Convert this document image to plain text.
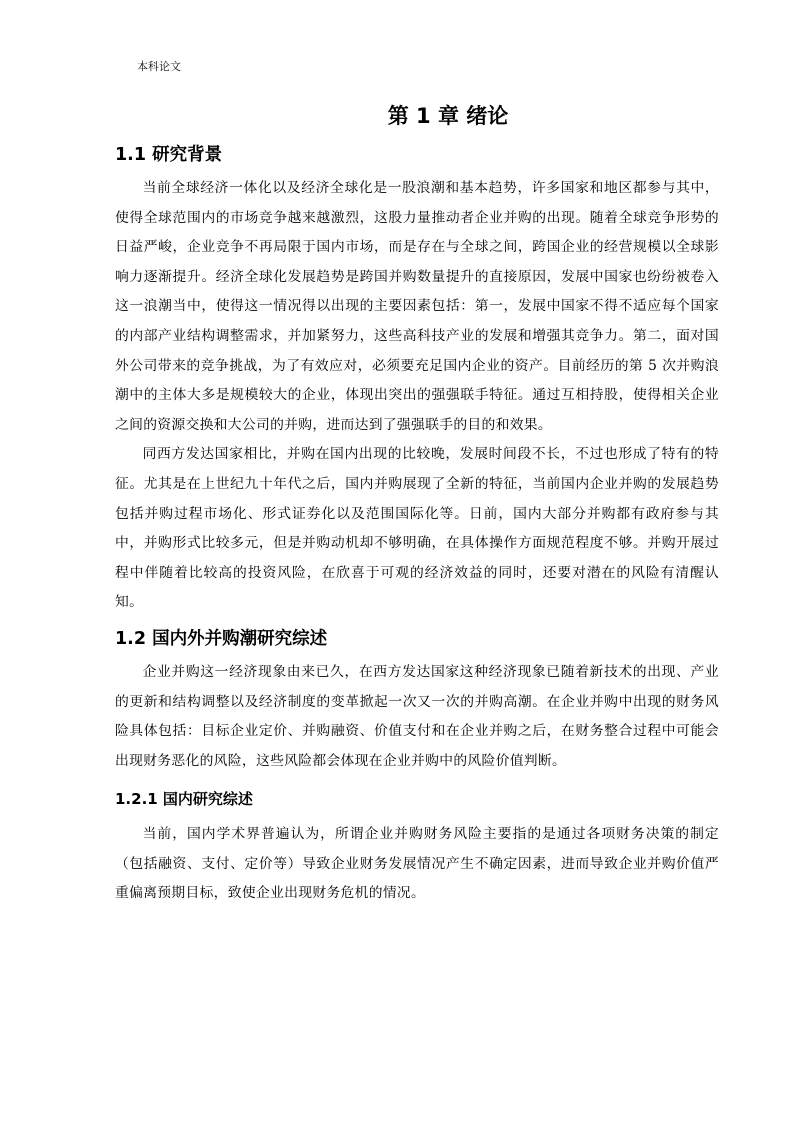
本科论文
第 1 章 绪论
1.1 研究背景

当前全球经济一体化以及经济全球化是一股浪潮和基本趋势，许多国家和地区都参与其中，使得全球范围内的市场竞争越来越激烈，这股力量推动者企业并购的出现。随着全球竞争形势的日益严峻，企业竞争不再局限于国内市场，而是存在与全球之间，跨国企业的经营规模以全球影响力逐渐提升。经济全球化发展趋势是跨国并购数量提升的直接原因，发展中国家也纷纷被卷入这一浪潮当中，使得这一情况得以出现的主要因素包括：第一，发展中国家不得不适应每个国家的内部产业结构调整需求，并加紧努力，这些高科技产业的发展和增强其竞争力。第二，面对国外公司带来的竞争挑战，为了有效应对，必须要充足国内企业的资产。目前经历的第 5 次并购浪潮中的主体大多是规模较大的企业，体现出突出的强强联手特征。通过互相持股，使得相关企业之间的资源交换和大公司的并购，进而达到了强强联手的目的和效果。

同西方发达国家相比，并购在国内出现的比较晚，发展时间段不长，不过也形成了特有的特征。尤其是在上世纪九十年代之后，国内并购展现了全新的特征，当前国内企业并购的发展趋势包括并购过程市场化、形式证券化以及范围国际化等。日前，国内大部分并购都有政府参与其中，并购形式比较多元，但是并购动机却不够明确，在具体操作方面规范程度不够。并购开展过程中伴随着比较高的投资风险，在欣喜于可观的经济效益的同时，还要对潜在的风险有清醒认知。

1.2 国内外并购潮研究综述

企业并购这一经济现象由来已久，在西方发达国家这种经济现象已随着新技术的出现、产业的更新和结构调整以及经济制度的变革掀起一次又一次的并购高潮。在企业并购中出现的财务风险具体包括：目标企业定价、并购融资、价值支付和在企业并购之后，在财务整合过程中可能会出现财务恶化的风险，这些风险都会体现在企业并购中的风险价值判断。

1.2.1 国内研究综述

当前，国内学术界普遍认为，所谓企业并购财务风险主要指的是通过各项财务决策的制定（包括融资、支付、定价等）导致企业财务发展情况产生不确定因素，进而导致企业并购价值严重偏离预期目标，致使企业出现财务危机的情况。
